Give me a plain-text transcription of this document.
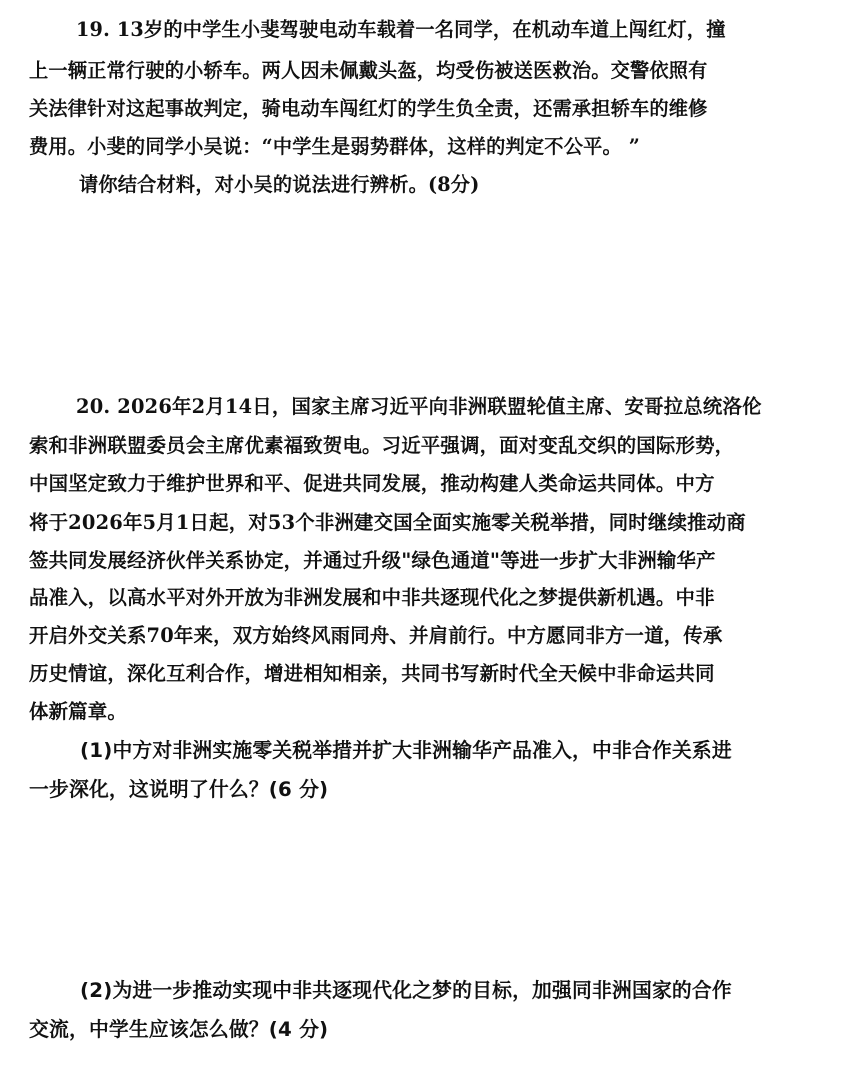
19. 13岁的中学生小斐驾驶电动车载着一名同学，在机动车道上闯红灯，撞
上一辆正常行驶的小轿车。两人因未佩戴头盔，均受伤被送医救治。交警依照有
关法律针对这起事故判定，骑电动车闯红灯的学生负全责，还需承担轿车的维修
费用。小斐的同学小吴说：“中学生是弱势群体，这样的判定不公平。 ”
请你结合材料，对小吴的说法进行辨析。(8分)
20. 2026年2月14日，国家主席习近平向非洲联盟轮值主席、安哥拉总统洛伦
索和非洲联盟委员会主席优素福致贺电。习近平强调，面对变乱交织的国际形势，
中国坚定致力于维护世界和平、促进共同发展，推动构建人类命运共同体。中方
将于2026年5月1日起，对53个非洲建交国全面实施零关税举措，同时继续推动商
签共同发展经济伙伴关系协定，并通过升级"绿色通道"等进一步扩大非洲输华产
品准入，以高水平对外开放为非洲发展和中非共逐现代化之梦提供新机遇。中非
开启外交关系70年来，双方始终风雨同舟、并肩前行。中方愿同非方一道，传承
历史情谊，深化互利合作，增进相知相亲，共同书写新时代全天候中非命运共同
体新篇章。
(1)中方对非洲实施零关税举措并扩大非洲输华产品准入，中非合作关系进
一步深化，这说明了什么？(6 分)
(2)为进一步推动实现中非共逐现代化之梦的目标，加强同非洲国家的合作
交流，中学生应该怎么做？(4 分)
